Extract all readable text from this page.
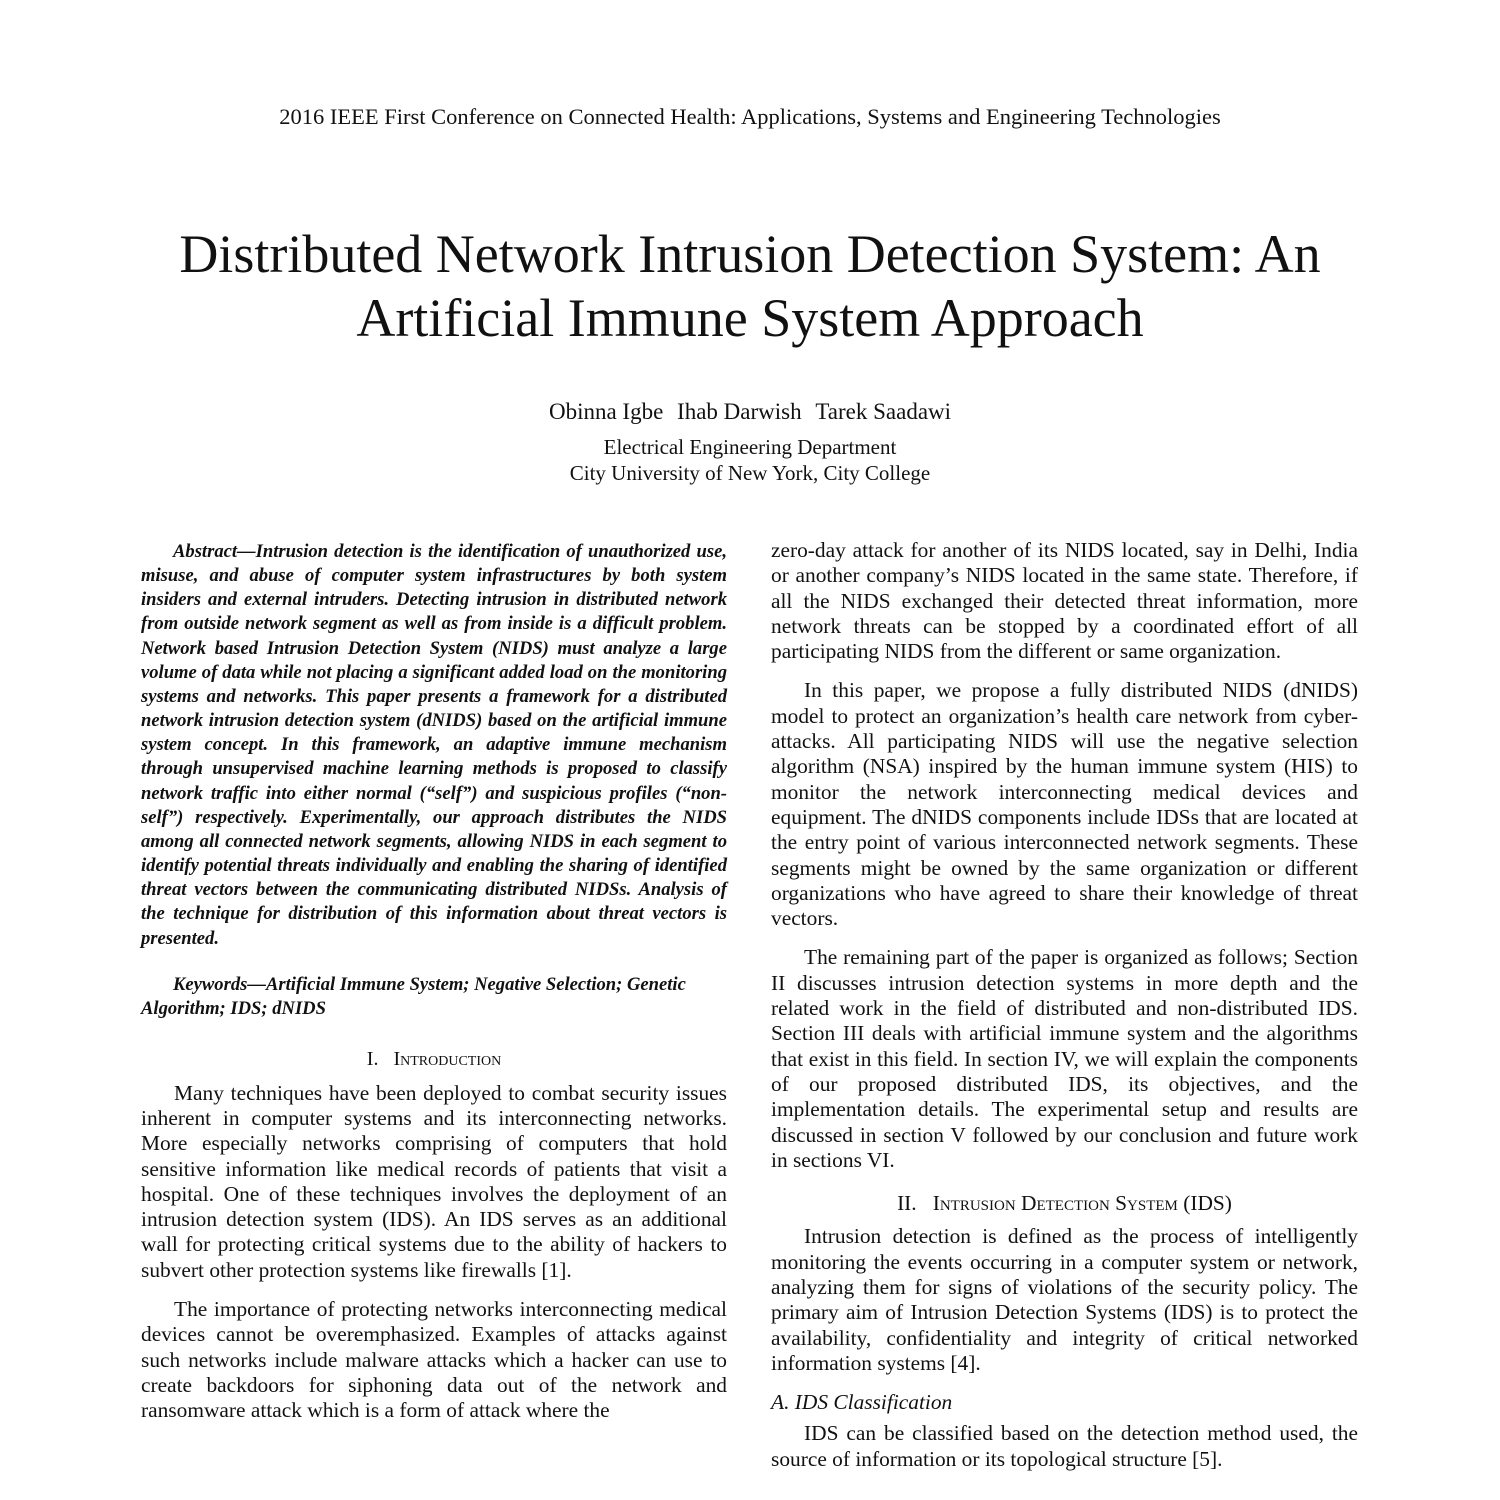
2016 IEEE First Conference on Connected Health: Applications, Systems and Engineering Technologies
Distributed Network Intrusion Detection System: An
Artificial Immune System Approach
Obinna Igbe Ihab Darwish Tarek Saadawi
Electrical Engineering Department
City University of New York, City College

Abstract—Intrusion detection is the identification of unauthorized use, misuse, and abuse of computer system infrastructures by both system insiders and external intruders. Detecting intrusion in distributed network from outside network segment as well as from inside is a difficult problem. Network based Intrusion Detection System (NIDS) must analyze a large volume of data while not placing a significant added load on the monitoring systems and networks. This paper presents a framework for a distributed network intrusion detection system (dNIDS) based on the artificial immune system concept. In this framework, an adaptive immune mechanism through unsupervised machine learning methods is proposed to classify network traffic into either normal (“self”) and suspicious profiles (“non-self”) respectively. Experimentally, our approach distributes the NIDS among all connected network segments, allowing NIDS in each segment to identify potential threats individually and enabling the sharing of identified threat vectors between the communicating distributed NIDSs. Analysis of the technique for distribution of this information about threat vectors is presented.

Keywords—Artificial Immune System; Negative Selection; Genetic Algorithm; IDS; dNIDS

I. Introduction

Many techniques have been deployed to combat security issues inherent in computer systems and its interconnecting networks. More especially networks comprising of computers that hold sensitive information like medical records of patients that visit a hospital. One of these techniques involves the deployment of an intrusion detection system (IDS). An IDS serves as an additional wall for protecting critical systems due to the ability of hackers to subvert other protection systems like firewalls [1].

The importance of protecting networks interconnecting medical devices cannot be overemphasized. Examples of attacks against such networks include malware attacks which a hacker can use to create backdoors for siphoning data out of the network and ransomware attack which is a form of attack where the

zero-day attack for another of its NIDS located, say in Delhi, India or another company’s NIDS located in the same state. Therefore, if all the NIDS exchanged their detected threat information, more network threats can be stopped by a coordinated effort of all participating NIDS from the different or same organization.

In this paper, we propose a fully distributed NIDS (dNIDS) model to protect an organization’s health care network from cyber-attacks. All participating NIDS will use the negative selection algorithm (NSA) inspired by the human immune system (HIS) to monitor the network interconnecting medical devices and equipment. The dNIDS components include IDSs that are located at the entry point of various interconnected network segments. These segments might be owned by the same organization or different organizations who have agreed to share their knowledge of threat vectors.

The remaining part of the paper is organized as follows; Section II discusses intrusion detection systems in more depth and the related work in the field of distributed and non-distributed IDS. Section III deals with artificial immune system and the algorithms that exist in this field. In section IV, we will explain the components of our proposed distributed IDS, its objectives, and the implementation details. The experimental setup and results are discussed in section V followed by our conclusion and future work in sections VI.

II. Intrusion Detection System (IDS)

Intrusion detection is defined as the process of intelligently monitoring the events occurring in a computer system or network, analyzing them for signs of violations of the security policy. The primary aim of Intrusion Detection Systems (IDS) is to protect the availability, confidentiality and integrity of critical networked information systems [4].

A. IDS Classification

IDS can be classified based on the detection method used, the source of information or its topological structure [5].
